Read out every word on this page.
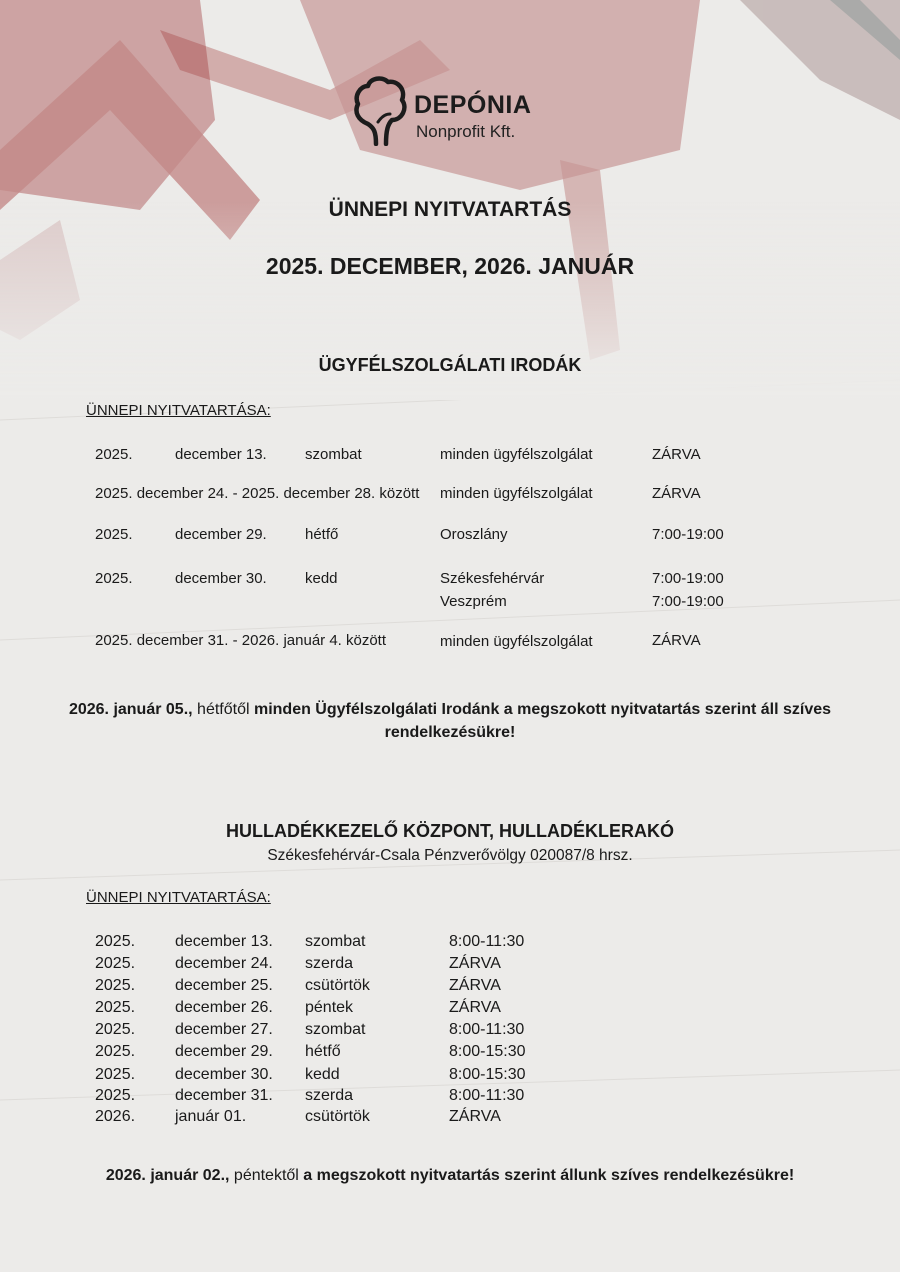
DEPÓNIA
Nonprofit Kft.
ÜNNEPI NYITVATARTÁS
2025. DECEMBER, 2026. JANUÁR
ÜGYFÉLSZOLGÁLATI IRODÁK
ÜNNEPI NYITVATARTÁSA:
2025.	december 13.	szombat	minden ügyfélszolgálat	ZÁRVA
2025. december 24. - 2025. december 28. között minden ügyfélszolgálat	ZÁRVA
2025.	december 29.	hétfő	Oroszlány	7:00-19:00
2025.	december 30.	kedd	Székesfehérvár	7:00-19:00
Veszprém	7:00-19:00
2025. december 31. - 2026. január 4. között	minden ügyfélszolgálat	ZÁRVA
2026. január 05., hétfőtől minden Ügyfélszolgálati Irodánk a megszokott nyitvatartás szerint áll szíves rendelkezésükre!
HULLADÉKKEZELŐ KÖZPONT, HULLADÉKLERAKÓ
Székesfehérvár-Csala Pénzverővölgy 020087/8 hrsz.
ÜNNEPI NYITVATARTÁSA:
2025. december 13. szombat	8:00-11:30
2025. december 24. szerda	ZÁRVA
2025. december 25. csütörtök	ZÁRVA
2025. december 26. péntek	ZÁRVA
2025. december 27. szombat	8:00-11:30
2025. december 29. hétfő	8:00-15:30
2025. december 30. kedd	8:00-15:30
2025. december 31. szerda	8:00-11:30
2026. január 01.	csütörtök	ZÁRVA
2026. január 02., péntektől a megszokott nyitvatartás szerint állunk szíves rendelkezésükre!
